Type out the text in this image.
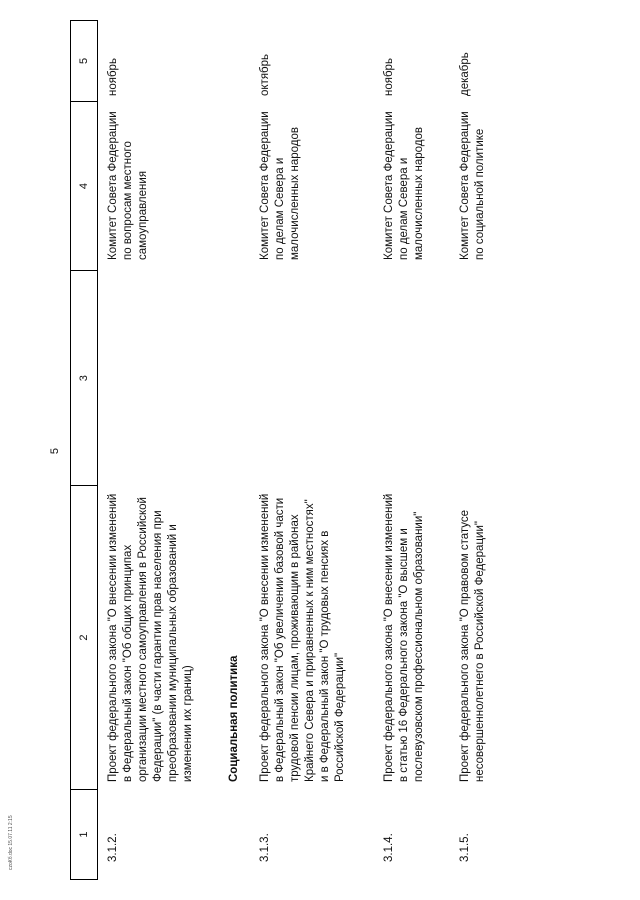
5
1
2
3
4
5
3.1.2.
Проект федерального закона "О внесении изменений в Федеральный закон "Об общих принципах организации местного самоуправления в Российской Федерации" (в части гарантии прав населения при преобразовании муниципальных образований и изменении их границ)
Комитет Совета Федерации по вопросам местного самоуправления
ноябрь
Социальная политика
3.1.3.
Проект федерального закона "О внесении изменений в Федеральный закон "Об увеличении базовой части трудовой пенсии лицам, проживающим в районах Крайнего Севера и приравненных к ним местностях" и в Федеральный закон "О трудовых пенсиях в Российской Федерации"
Комитет Совета Федерации по делам Севера и малочисленных народов
октябрь
3.1.4.
Проект федерального закона "О внесении изменений в статью 16 Федерального закона "О высшем и послевузовском профессиональном образовании"
Комитет Совета Федерации по делам Севера и малочисленных народов
ноябрь
3.1.5.
Проект федерального закона "О правовом статусе несовершеннолетнего в Российской Федерации"
Комитет Совета Федерации по социальной политике
декабрь
сzоКб.doc 15.07.11 2:15
